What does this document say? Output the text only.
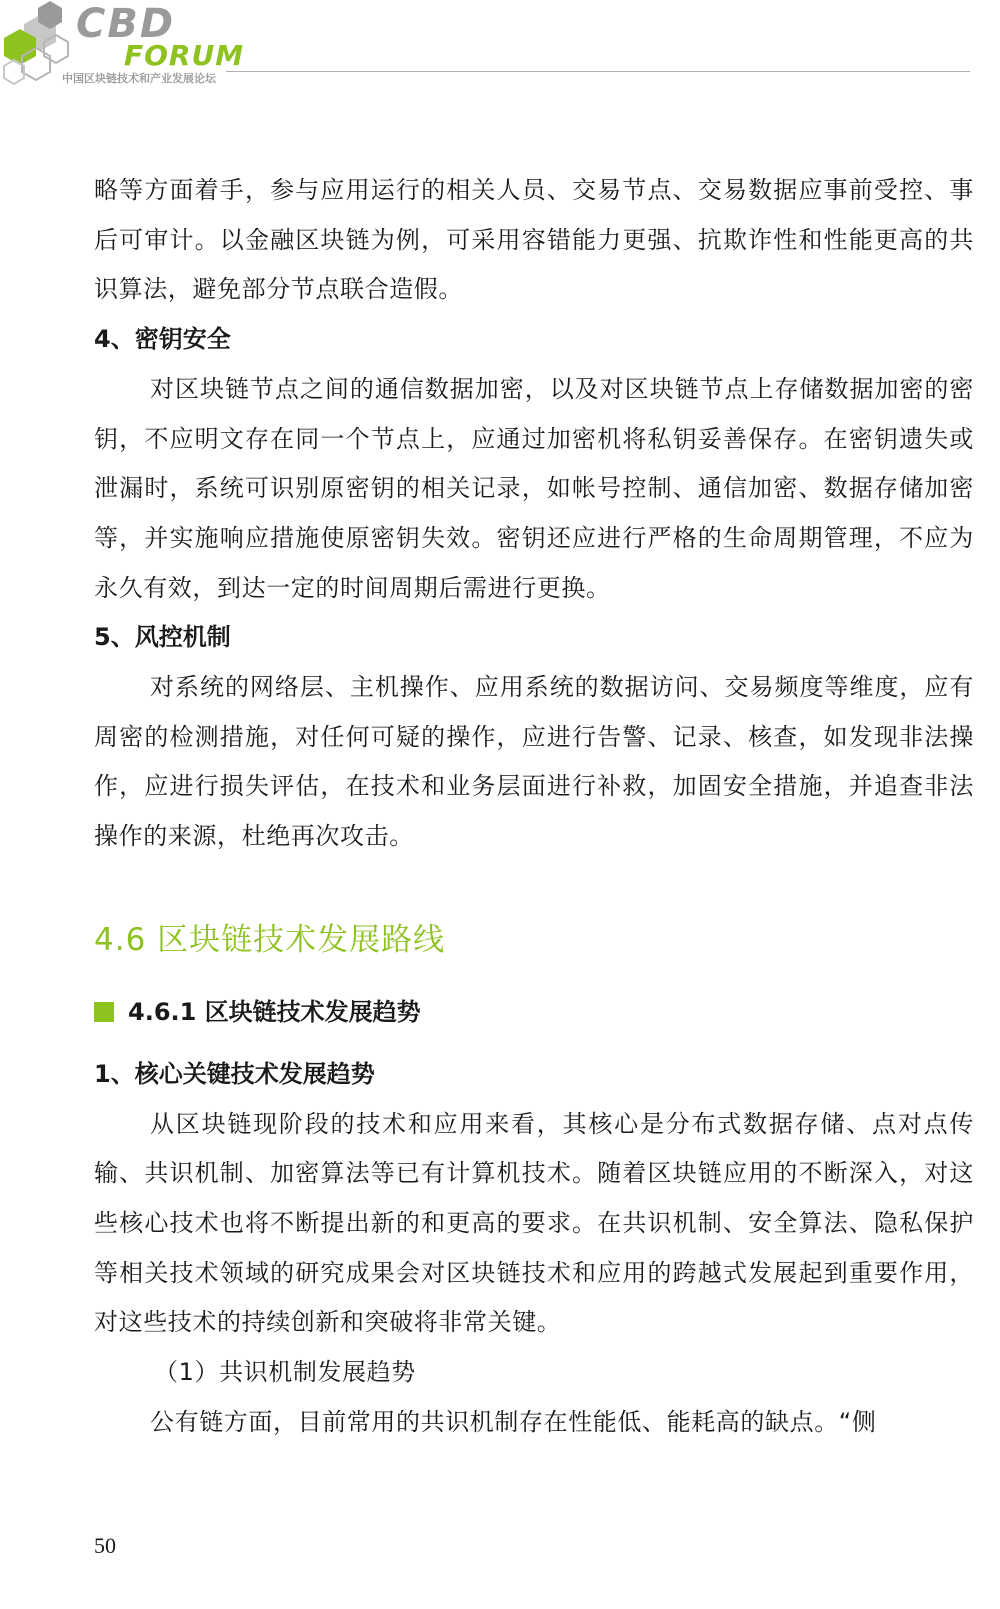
CBD
FORUM
中国区块链技术和产业发展论坛

略等方面着手，参与应用运行的相关人员、交易节点、交易数据应事前受控、事后可审计。以金融区块链为例，可采用容错能力更强、抗欺诈性和性能更高的共识算法，避免部分节点联合造假。

4、密钥安全

对区块链节点之间的通信数据加密，以及对区块链节点上存储数据加密的密钥，不应明文存在同一个节点上，应通过加密机将私钥妥善保存。在密钥遗失或泄漏时，系统可识别原密钥的相关记录，如帐号控制、通信加密、数据存储加密等，并实施响应措施使原密钥失效。密钥还应进行严格的生命周期管理，不应为永久有效，到达一定的时间周期后需进行更换。

5、风控机制

对系统的网络层、主机操作、应用系统的数据访问、交易频度等维度，应有周密的检测措施，对任何可疑的操作，应进行告警、记录、核查，如发现非法操作，应进行损失评估，在技术和业务层面进行补救，加固安全措施，并追查非法操作的来源，杜绝再次攻击。

4.6 区块链技术发展路线
4.6.1 区块链技术发展趋势
1、核心关键技术发展趋势

从区块链现阶段的技术和应用来看，其核心是分布式数据存储、点对点传输、共识机制、加密算法等已有计算机技术。随着区块链应用的不断深入，对这些核心技术也将不断提出新的和更高的要求。在共识机制、安全算法、隐私保护等相关技术领域的研究成果会对区块链技术和应用的跨越式发展起到重要作用，对这些技术的持续创新和突破将非常关键。

（1）共识机制发展趋势

公有链方面，目前常用的共识机制存在性能低、能耗高的缺点。“侧

50
